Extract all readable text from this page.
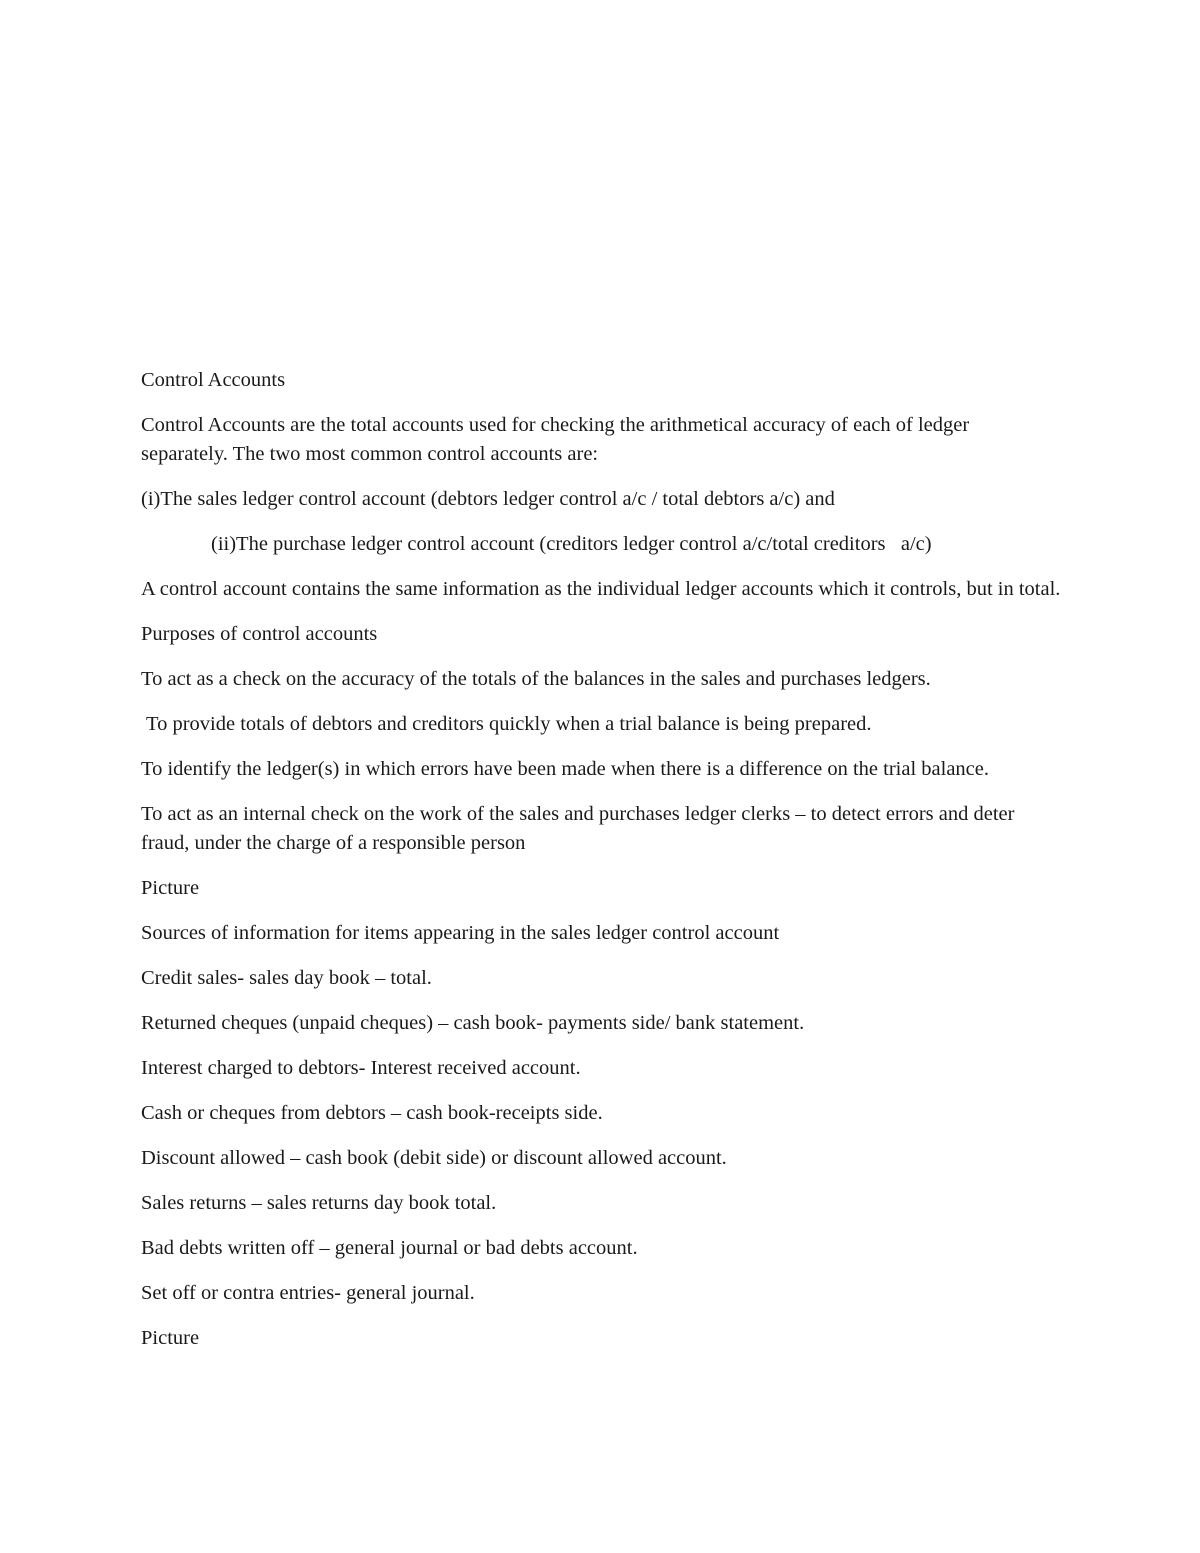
Control Accounts

Control Accounts are the total accounts used for checking the arithmetical accuracy of each of ledger separately. The two most common control accounts are:

(i)The sales ledger control account (debtors ledger control a/c / total debtors a/c) and

(ii)The purchase ledger control account (creditors ledger control a/c/total creditors   a/c)

A control account contains the same information as the individual ledger accounts which it controls, but in total.

Purposes of control accounts

To act as a check on the accuracy of the totals of the balances in the sales and purchases ledgers.

To provide totals of debtors and creditors quickly when a trial balance is being prepared.

To identify the ledger(s) in which errors have been made when there is a difference on the trial balance.

To act as an internal check on the work of the sales and purchases ledger clerks – to detect errors and deter fraud, under the charge of a responsible person

Picture

Sources of information for items appearing in the sales ledger control account

Credit sales- sales day book – total.

Returned cheques (unpaid cheques) – cash book- payments side/ bank statement.

Interest charged to debtors- Interest received account.

Cash or cheques from debtors – cash book-receipts side.

Discount allowed – cash book (debit side) or discount allowed account.

Sales returns – sales returns day book total.

Bad debts written off – general journal or bad debts account.

Set off or contra entries- general journal.

Picture
